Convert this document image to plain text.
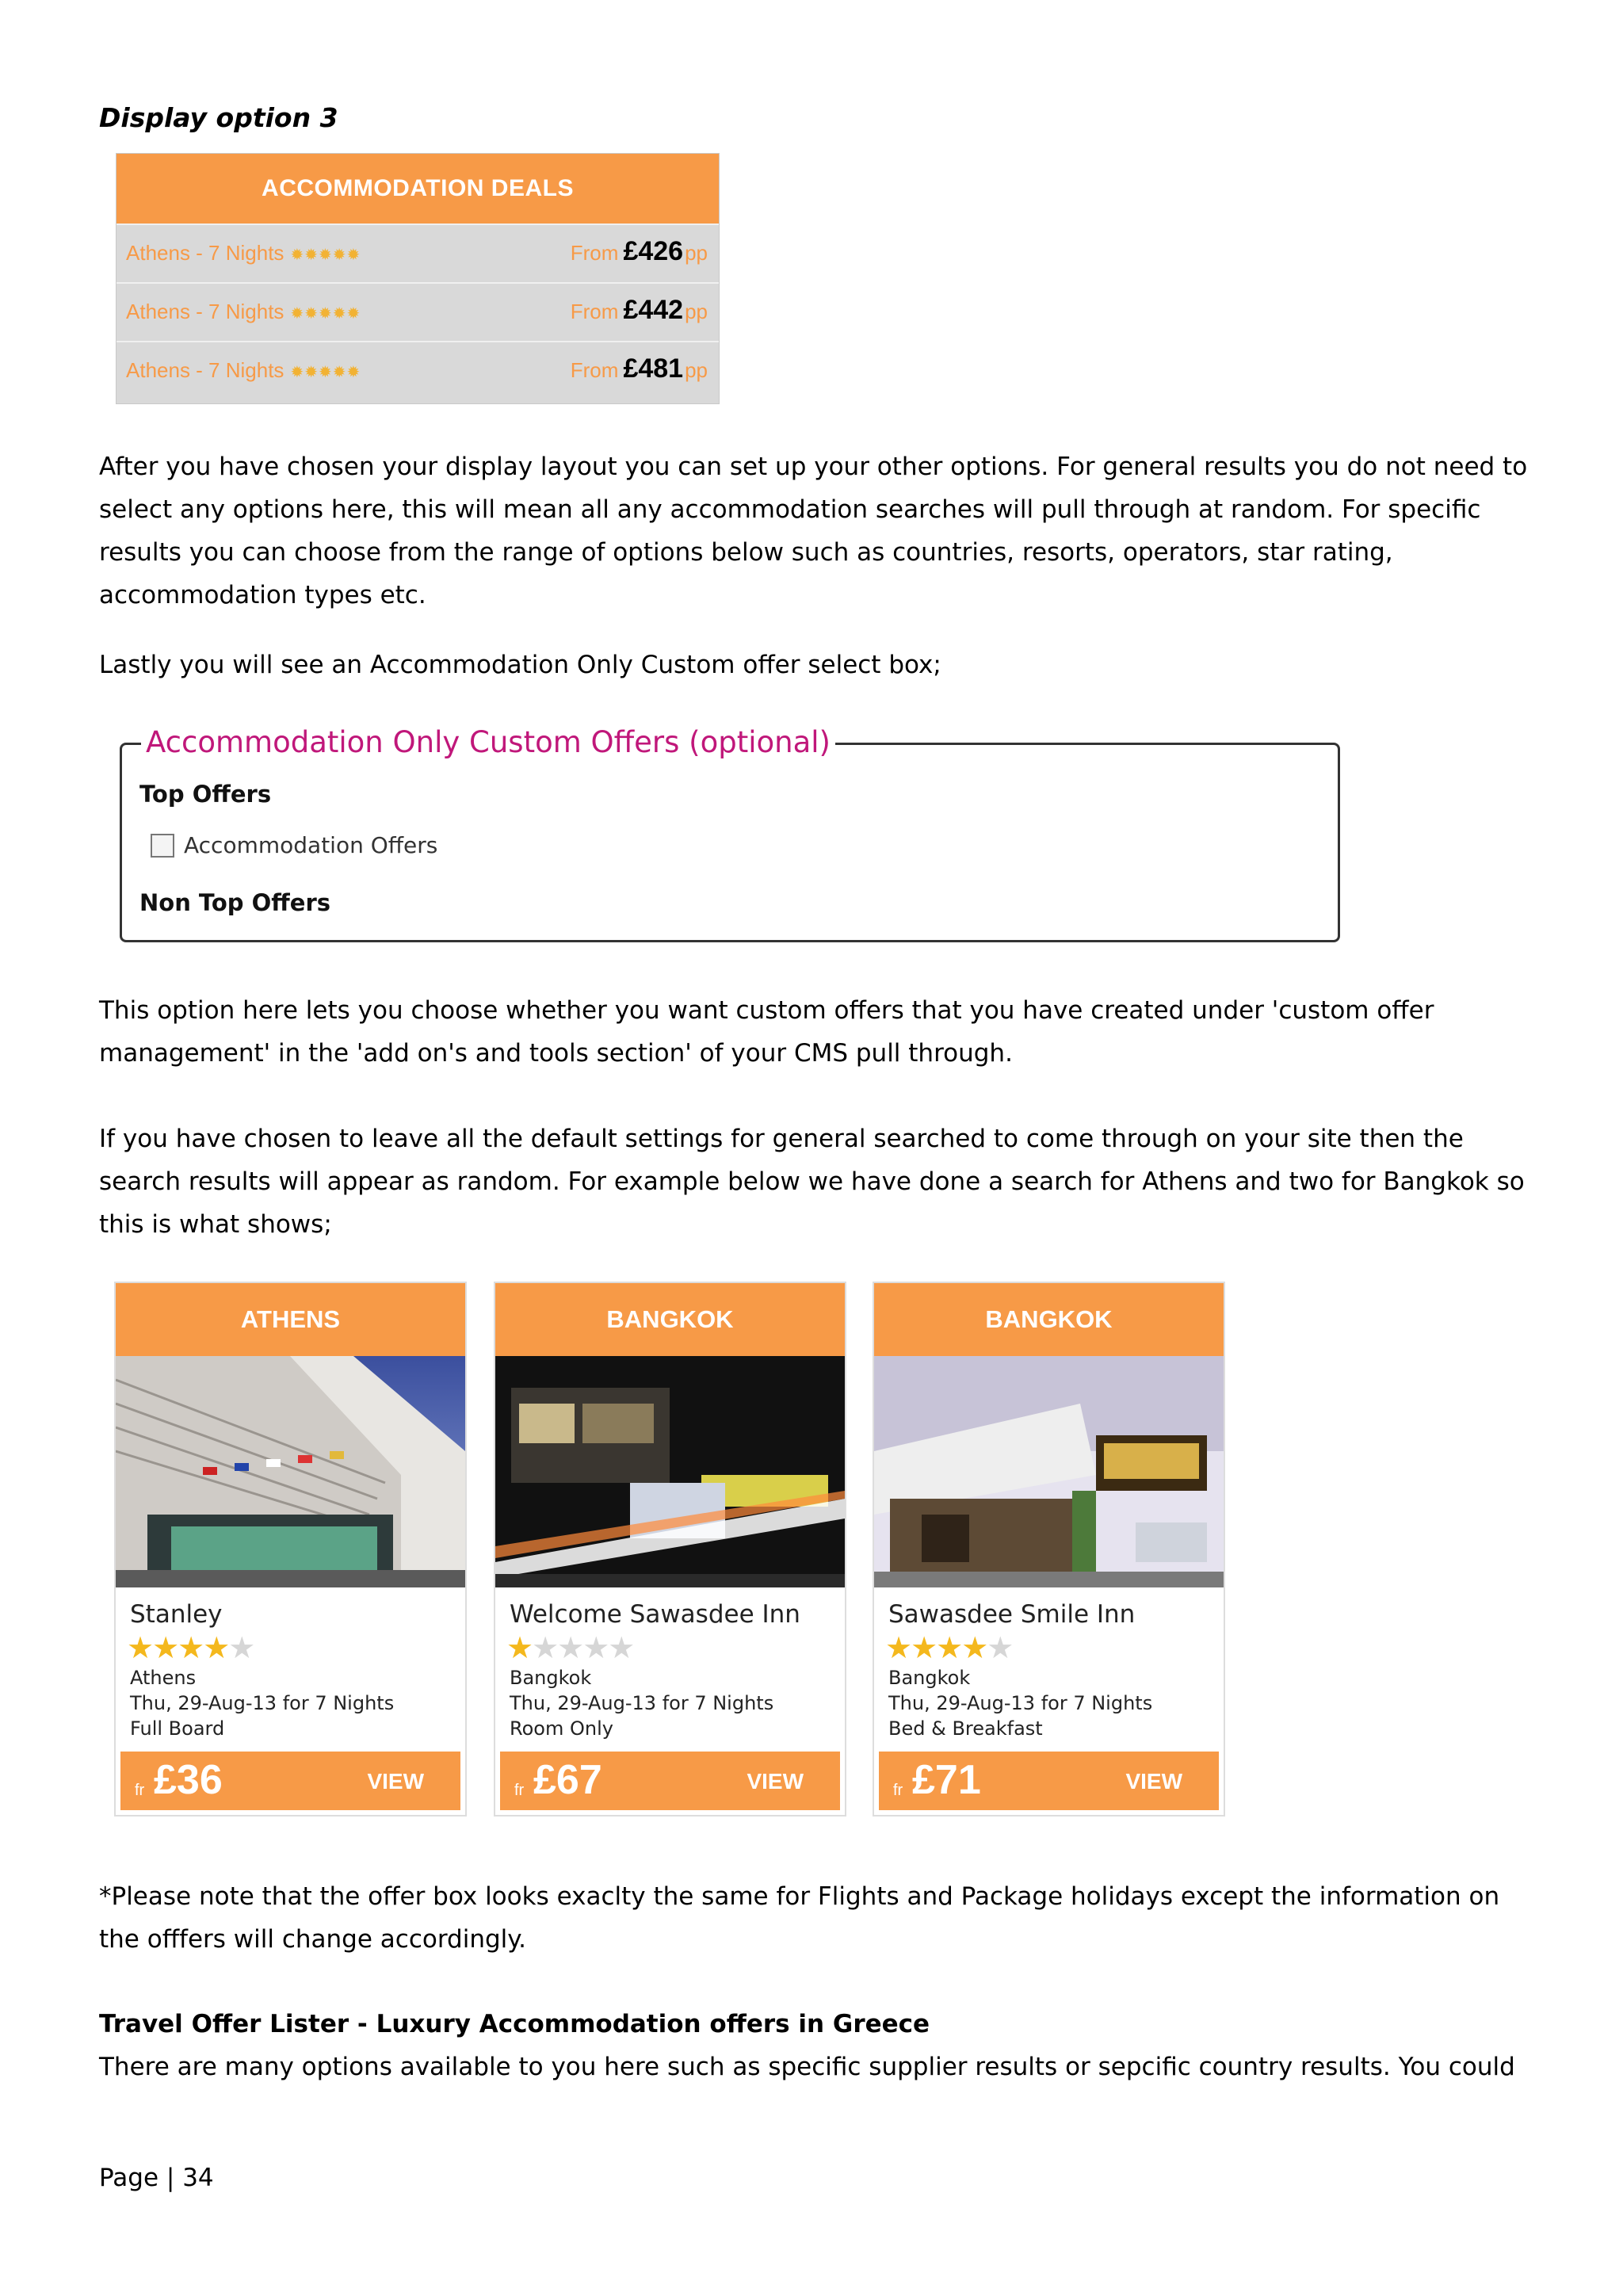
Display option 3
ACCOMMODATION DEALS
Athens - 7 Nights ✹✹✹✹✹	From £426pp
Athens - 7 Nights ✹✹✹✹✹	From £442pp
Athens - 7 Nights ✹✹✹✹✹	From £481pp
After you have chosen your display layout you can set up your other options. For general results you do not need to select any options here, this will mean all any accommodation searches will pull through at random. For specific results you can choose from the range of options below such as countries, resorts, operators, star rating, accommodation types etc.
Lastly you will see an Accommodation Only Custom offer select box;
Accommodation Only Custom Offers (optional)
Top Offers
Accommodation Offers
Non Top Offers
This option here lets you choose whether you want custom offers that you have created under 'custom offer management' in the 'add on's and tools section' of your CMS pull through.
If you have chosen to leave all the default settings for general searched to come through on your site then the search results will appear as random. For example below we have done a search for Athens and two for Bangkok so this is what shows;
ATHENS
Stanley
★★★★★
Athens
Thu, 29-Aug-13 for 7 Nights
Full Board
fr £36	VIEW
BANGKOK
Welcome Sawasdee Inn
★★★★★
Bangkok
Thu, 29-Aug-13 for 7 Nights
Room Only
fr £67	VIEW
BANGKOK
Sawasdee Smile Inn
★★★★★
Bangkok
Thu, 29-Aug-13 for 7 Nights
Bed & Breakfast
fr £71	VIEW
*Please note that the offer box looks exaclty the same for Flights and Package holidays except the information on the offfers will change accordingly.
Travel Offer Lister - Luxury Accommodation offers in Greece
There are many options available to you here such as specific supplier results or sepcific country results. You could
Page | 34
